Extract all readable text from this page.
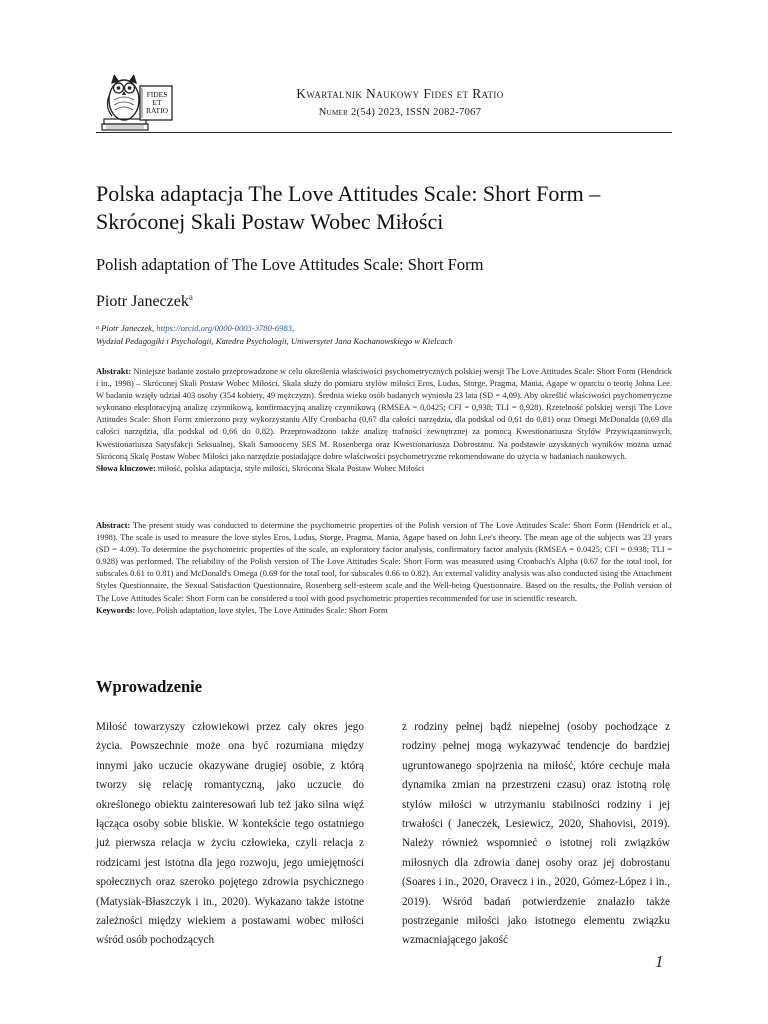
FIDES
ET
RATIO
Kwartalnik Naukowy Fides et Ratio
Numer 2(54) 2023, ISSN 2082-7067
Polska adaptacja The Love Attitudes Scale: Short Form –
Skróconej Skali Postaw Wobec Miłości
Polish adaptation of The Love Attitudes Scale: Short Form
Piotr Janeczek$^a$
$^a$ Piotr Janeczek, https://orcid.org/0000-0003-3780-6983,
Wydział Pedagogiki i Psychologii, Katedra Psychologii, Uniwersytet Jana Kochanowskiego w Kielcach
Abstrakt: Niniejsze badanie zostało przeprowadzone w celu określenia właściwości psychometrycznych polskiej wersji The Love Attitudes Scale: Short Form (Hendrick i in., 1998) – Skróconej Skali Postaw Wobec Miłości. Skala służy do pomiaru stylów miłości Eros, Ludus, Storge, Pragma, Mania, Agape w oparciu o teorię Johna Lee. W badaniu wzięły udział 403 osoby (354 kobiety, 49 mężczyzn). Średnia wieku osób badanych wyniosła 23 lata (SD = 4,09). Aby określić właściwości psychometryczne wykonano eksploracyjną analizę czynnikową, konfirmacyjną analizę czynnikową (RMSEA = 0,0425; CFI = 0,938; TLI = 0,928). Rzetelność polskiej wersji The Love Attitudes Scale: Short Form zmierzono przy wykorzystaniu Alfy Cronbacha (0,67 dla całości narzędzia, dla podskal od 0,61 do 0,81) oraz Omegi McDonalda (0,69 dla całości narzędzia, dla podskal od 0,66 do 0,82). Przeprowadzono także analizę trafności zewnętrznej za pomocą Kwestionariusza Stylów Przywiązaniowych, Kwestionariusza Satysfakcji Seksualnej, Skali Samooceny SES M. Rosenberga oraz Kwestionariusza Dobrostanu. Na podstawie uzyskanych wyników można uznać Skróconą Skalę Postaw Wobec Miłości jako narzędzie posiadające dobre właściwości psychometryczne rekomendowane do użycia w badaniach naukowych.
Słowa kluczowe: miłość, polska adaptacja, style miłości, Skrócona Skala Postaw Wobec Miłości
Abstract: The present study was conducted to determine the psychometric properties of the Polish version of The Love Attitudes Scale: Short Form (Hendrick et al., 1998). The scale is used to measure the love styles Eros, Ludus, Storge, Pragma, Mania, Agape based on John Lee's theory. The mean age of the subjects was 23 years (SD = 4.09). To determine the psychometric properties of the scale, an exploratory factor analysis, confirmatory factor analysis (RMSEA = 0.0425; CFI = 0.938; TLI = 0.928) was performed. The reliability of the Polish version of The Love Attitudes Scale: Short Form was measured using Cronbach's Alpha (0.67 for the total tool, for subscales 0.61 to 0.81) and McDonald's Omega (0.69 for the total tool, for subscales 0.66 to 0.82). An external validity analysis was also conducted using the Attachment Styles Questionnaire, the Sexual Satisfaction Questionnaire, Rosenberg self-esteem scale and the Well-being Questionnaire. Based on the results, the Polish version of The Love Attitudes Scale: Short Form can be considered a tool with good psychometric properties recommended for use in scientific research.
Keywords: love, Polish adaptation, love styles, The Love Attitudes Scale: Short Form
Wprowadzenie

Miłość towarzyszy człowiekowi przez cały okres jego życia. Powszechnie może ona być rozumiana między innymi jako uczucie okazywane drugiej osobie, z którą tworzy się relację romantyczną, jako uczucie do określonego obiektu zainteresowań lub też jako silna więź łącząca osoby sobie bliskie. W kontekście tego ostatniego już pierwsza relacja w życiu człowieka, czyli relacja z rodzicami jest istotna dla jego rozwoju, jego umiejętności społecznych oraz szeroko pojętego zdrowia psychicznego (Matysiak-Błaszczyk i in., 2020). Wykazano także istotne zależności między wiekiem a postawami wobec miłości wśród osób pochodzących

z rodziny pełnej bądź niepełnej (osoby pochodzące z rodziny pełnej mogą wykazywać tendencje do bardziej ugruntowanego spojrzenia na miłość, które cechuje mała dynamika zmian na przestrzeni czasu) oraz istotną rolę stylów miłości w utrzymaniu stabilności rodziny i jej trwałości ( Janeczek, Lesiewicz, 2020, Shahovisi, 2019). Należy również wspomnieć o istotnej roli związków miłosnych dla zdrowia danej osoby oraz jej dobrostanu (Soares i in., 2020, Oravecz i in., 2020, Gómez-López i in., 2019). Wśród badań potwierdzenie znalazło także postrzeganie miłości jako istotnego elementu związku wzmacniającego jakość

1
